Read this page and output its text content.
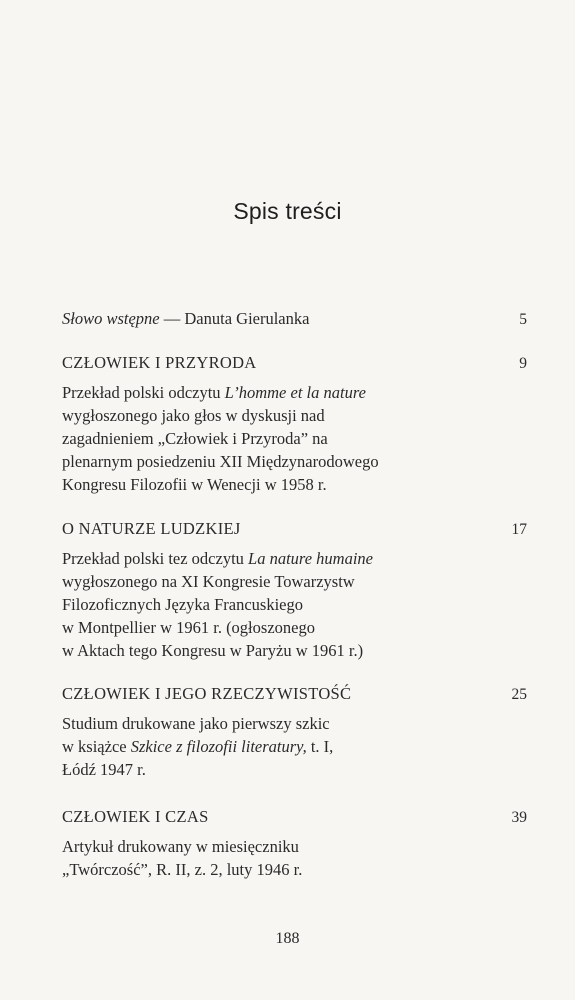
Spis treści
Słowo wstępne — Danuta Gierulanka	5
CZŁOWIEK I PRZYRODA	9
Przekład polski odczytu L’homme et la nature
wygłoszonego jako głos w dyskusji nad
zagadnieniem „Człowiek i Przyroda” na
plenarnym posiedzeniu XII Międzynarodowego
Kongresu Filozofii w Wenecji w 1958 r.
O NATURZE LUDZKIEJ	17
Przekład polski tez odczytu La nature humaine
wygłoszonego na XI Kongresie Towarzystw
Filozoficznych Języka Francuskiego
w Montpellier w 1961 r. (ogłoszonego
w Aktach tego Kongresu w Paryżu w 1961 r.)
CZŁOWIEK I JEGO RZECZYWISTOŚĆ	25
Studium drukowane jako pierwszy szkic
w książce Szkice z filozofii literatury, t. I,
Łódź 1947 r.
CZŁOWIEK I CZAS	39
Artykuł drukowany w miesięczniku
„Twórczość”, R. II, z. 2, luty 1946 r.
188
